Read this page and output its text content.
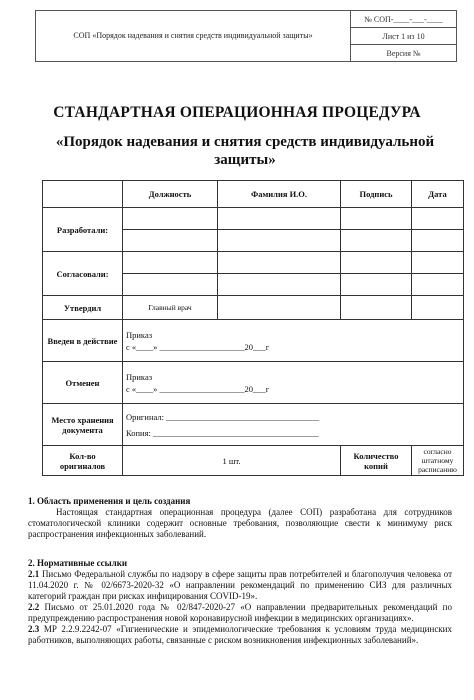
СОП «Порядок надевания и снятия средств индивидуальной защиты»
№ СОП-____-___-____
Лист 1 из 10
Версия №
СТАНДАРТНАЯ ОПЕРАЦИОННАЯ ПРОЦЕДУРА
«Порядок надевания и снятия средств индивидуальной защиты»
	Должность	Фамилия И.О.	Подпись	Дата
Разработали:				

Согласовали:				

Утвердил	Главный врач			
Введен в действие	Приказ
с «____» ____________________20___г			

Отменен	Приказ
с «____» ____________________20___г			

Место хранения документа	Оригинал: ____________________________________
Копия: _______________________________________			

Кол-во оригиналов	1 шт.		Количество копий	согласно штатному расписанию
1. Область применения и цель создания
Настоящая стандартная операционная процедура (далее СОП) разработана для сотрудников стоматологической клиники содержит основные требования, позволяющие свести к минимуму риск распространения инфекционных заболеваний.
2. Нормативные ссылки
2.1 Письмо Федеральной службы по надзору в сфере защиты прав потребителей и благополучия человека от 11.04.2020 г. № 02/6673-2020-32 «О направлении рекомендаций по применению СИЗ для различных категорий граждан при рисках инфицирования COVID-19».
2.2 Письмо от 25.01.2020 года № 02/847-2020-27 «О направлении предварительных рекомендаций по предупреждению распространения новой коронавирусной инфекции в медицинских организациях».
2.3 МР 2.2.9.2242-07 «Гигиенические и эпидемиологические требования к условиям труда медицинских работников, выполняющих работы, связанные с риском возникновения инфекционных заболеваний».
